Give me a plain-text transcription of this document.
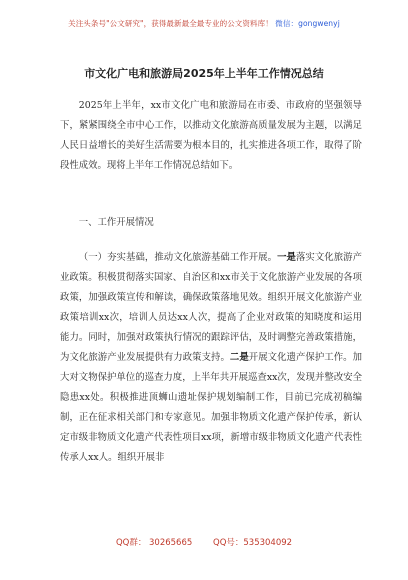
关注头条号"公文研究"，获得最新最全最专业的公文资料库！ 微信：gongwenyj
市文化广电和旅游局2025年上半年工作情况总结

2025年上半年，xx市文化广电和旅游局在市委、市政府的坚强领导下，紧紧围绕全市中心工作，以推动文化旅游高质量发展为主题，以满足人民日益增长的美好生活需要为根本目的，扎实推进各项工作，取得了阶段性成效。现将上半年工作情况总结如下。

一、工作开展情况

（一）夯实基础，推动文化旅游基础工作开展。一是落实文化旅游产业政策。积极贯彻落实国家、自治区和xx市关于文化旅游产业发展的各项政策，加强政策宣传和解读，确保政策落地见效。组织开展文化旅游产业政策培训xx次，培训人员达xx人次，提高了企业对政策的知晓度和运用能力。同时，加强对政策执行情况的跟踪评估，及时调整完善政策措施，为文化旅游产业发展提供有力政策支持。二是开展文化遗产保护工作。加大对文物保护单位的巡查力度，上半年共开展巡查xx次，发现并整改安全隐患xx处。积极推进顶蛳山遗址保护规划编制工作，目前已完成初稿编制，正在征求相关部门和专家意见。加强非物质文化遗产保护传承，新认定市级非物质文化遗产代表性项目xx项，新增市级非物质文化遗产代表性传承人xx人。组织开展非

QQ群： 30265665 QQ号：535304092
